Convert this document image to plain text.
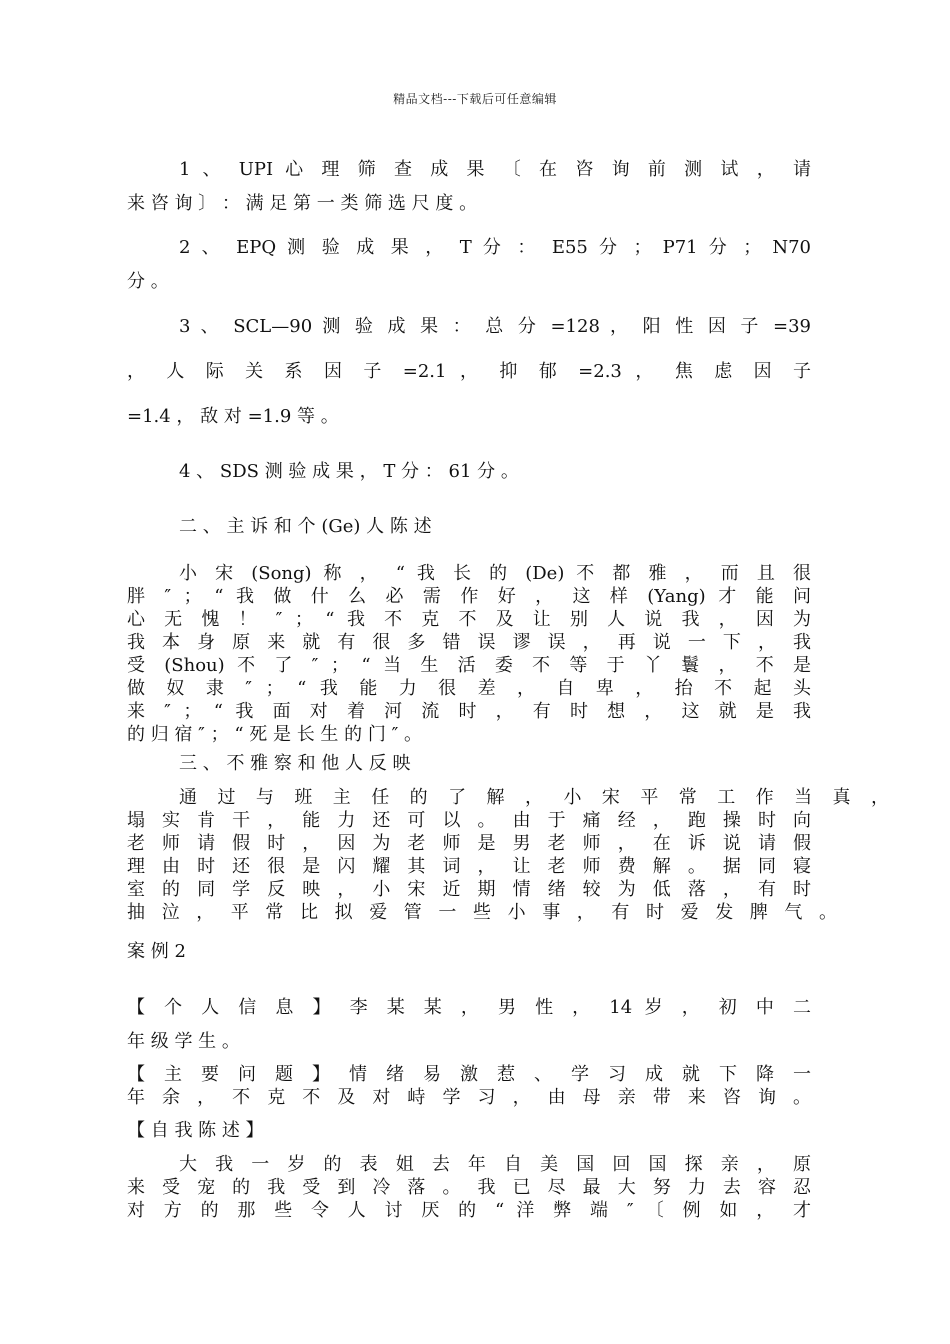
精品文档---下载后可任意编辑
1 、 UPI 心 理 筛 查 成 果 〔 在 咨 询 前 测 试 ， 请
来 咨 询 〕 ： 满 足 第 一 类 筛 选 尺 度 。
2 、 EPQ 测 验 成 果 ， T 分 ： E55 分 ； P71 分 ； N70
分 。
3 、 SCL—90 测 验 成 果 ： 总 分 =128 ， 阳 性 因 子 =39
， 人 际 关 系 因 子 =2.1 ， 抑 郁 =2.3 ， 焦 虑 因 子
=1.4 ， 敌 对 =1.9 等 。
4 、 SDS 测 验 成 果 ， T 分 ： 61 分 。
二 、 主 诉 和 个 (Ge) 人 陈 述
小 宋 (Song) 称 ， “ 我 长 的 (De) 不 都 雅 ， 而 且 很
胖 ″ ； “ 我 做 什 么 必 需 作 好 ， 这 样 (Yang) 才 能 问
心 无 愧 ！ ″ ； “ 我 不 克 不 及 让 别 人 说 我 ， 因 为
我 本 身 原 来 就 有 很 多 错 误 谬 误 ， 再 说 一 下 ， 我
受 (Shou) 不 了 ″ ； “ 当 生 活 委 不 等 于 丫 鬟 ， 不 是
做 奴 隶 ″ ； “ 我 能 力 很 差 ， 自 卑 ， 抬 不 起 头
来 ″ ； “ 我 面 对 着 河 流 时 ， 有 时 想 ， 这 就 是 我
的 归 宿 ″ ； “ 死 是 长 生 的 门 ″ 。
三 、 不 雅 察 和 他 人 反 映
通 过 与 班 主 任 的 了 解 ， 小 宋 平 常 工 作 当 真 ，
塌 实 肯 干 ， 能 力 还 可 以 。 由 于 痛 经 ， 跑 操 时 向
老 师 请 假 时 ， 因 为 老 师 是 男 老 师 ， 在 诉 说 请 假
理 由 时 还 很 是 闪 耀 其 词 ， 让 老 师 费 解 。 据 同 寝
室 的 同 学 反 映 ， 小 宋 近 期 情 绪 较 为 低 落 ， 有 时
抽 泣 ， 平 常 比 拟 爱 管 一 些 小 事 ， 有 时 爱 发 脾 气 。
案 例 2
【 个 人 信 息 】 李 某 某 ， 男 性 ， 14 岁 ， 初 中 二
年 级 学 生 。
【 主 要 问 题 】 情 绪 易 激 惹 、 学 习 成 就 下 降 一
年 余 ， 不 克 不 及 对 峙 学 习 ， 由 母 亲 带 来 咨 询 。
【 自 我 陈 述 】
大 我 一 岁 的 表 姐 去 年 自 美 国 回 国 探 亲 ， 原
来 受 宠 的 我 受 到 冷 落 。 我 已 尽 最 大 努 力 去 容 忍
对 方 的 那 些 令 人 讨 厌 的 “ 洋 弊 端 ″ 〔 例 如 ， 才
